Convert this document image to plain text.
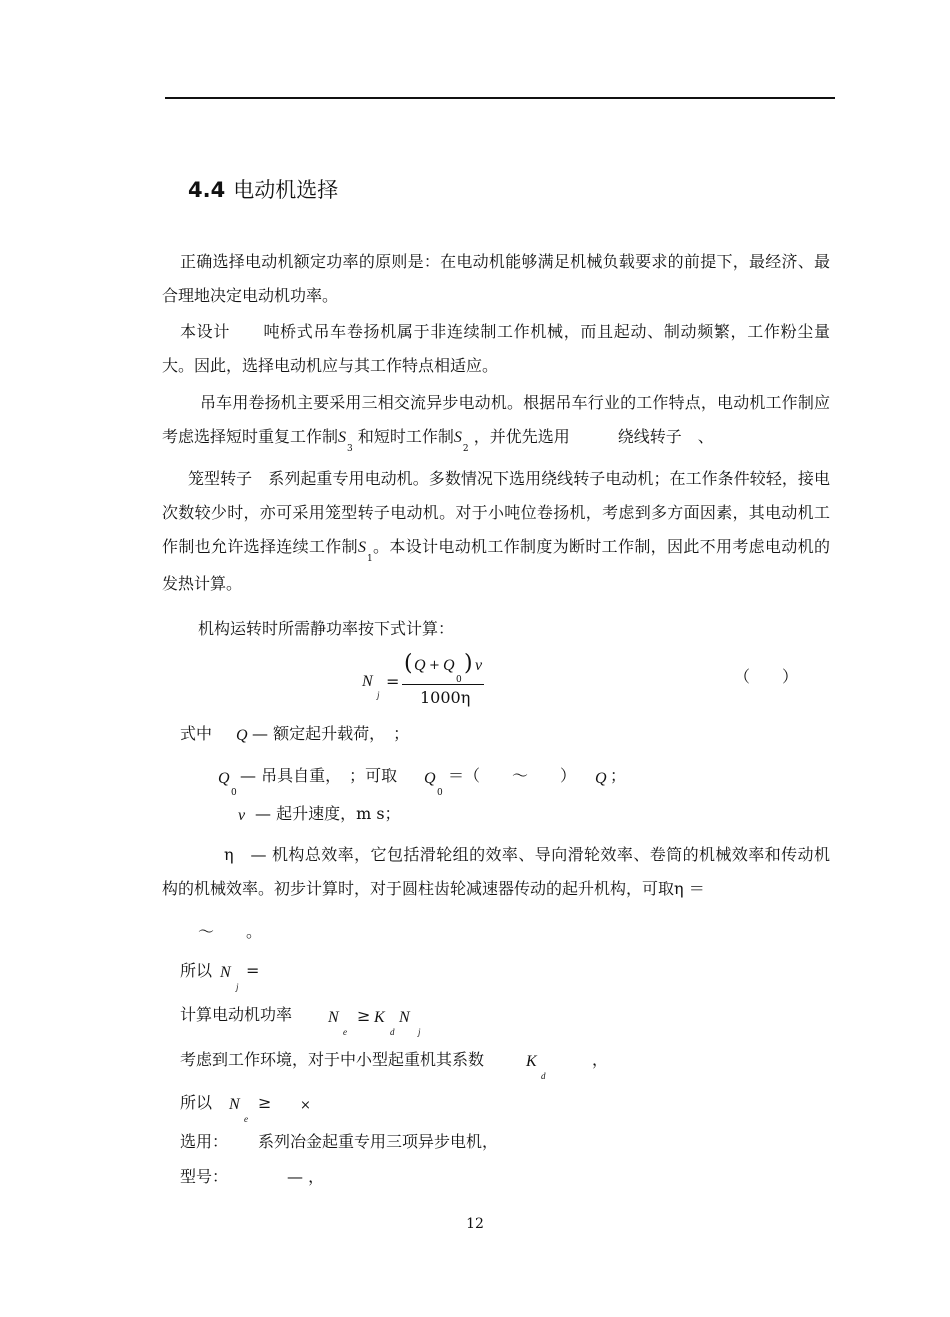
4.4 电动机选择
正确选择电动机额定功率的原则是：在电动机能够满足机械负载要求的前提下，最经济、最合理地决定电动机功率。
本设计　　 吨桥式吊车卷扬机属于非连续制工作机械，而且起动、制动频繁，工作粉尘量大。因此，选择电动机应与其工作特点相适应。
吊车用卷扬机主要采用三相交流异步电动机。根据吊车行业的工作特点，电动机工作制应考虑选择短时重复工作制$S_3$ 和短时工作制$S_2$ ，并优先选用　　　	绕线转子　 、
笼型转子　 系列起重专用电动机。多数情况下选用绕线转子电动机；在工作条件较轻，接电次数较少时，亦可采用笼型转子电动机。对于小吨位卷扬机，考虑到多方面因素，其电动机工作制也允许选择连续工作制$S_1$。本设计电动机工作制度为断时工作制，因此不用考虑电动机的发热计算。
机构运转时所需静功率按下式计算：
N
j
=
( Q + Q
0
) v
1000η
（　　）
式中 Q — 额定起升载荷，　；
Q
0
— 吊具自重，　；可取 Q
0
＝（　　～　　） Q ；
v — 起升速度，m s；
η　 — 机构总效率，它包括滑轮组的效率、导向滑轮效率、卷筒的机械效率和传动机构的机械效率。初步计算时，对于圆柱齿轮减速器传动的起升机构，可取η ＝
～　　。
所以 N
j
=
计算电动机功率 N
e
≥ K
d
N
j
考虑到工作环境，对于中小型起重机其系数	K
d
，
所以 N
e
≥ ×
选用： 系列冶金起重专用三项异步电机，
型号：	— ，
12
